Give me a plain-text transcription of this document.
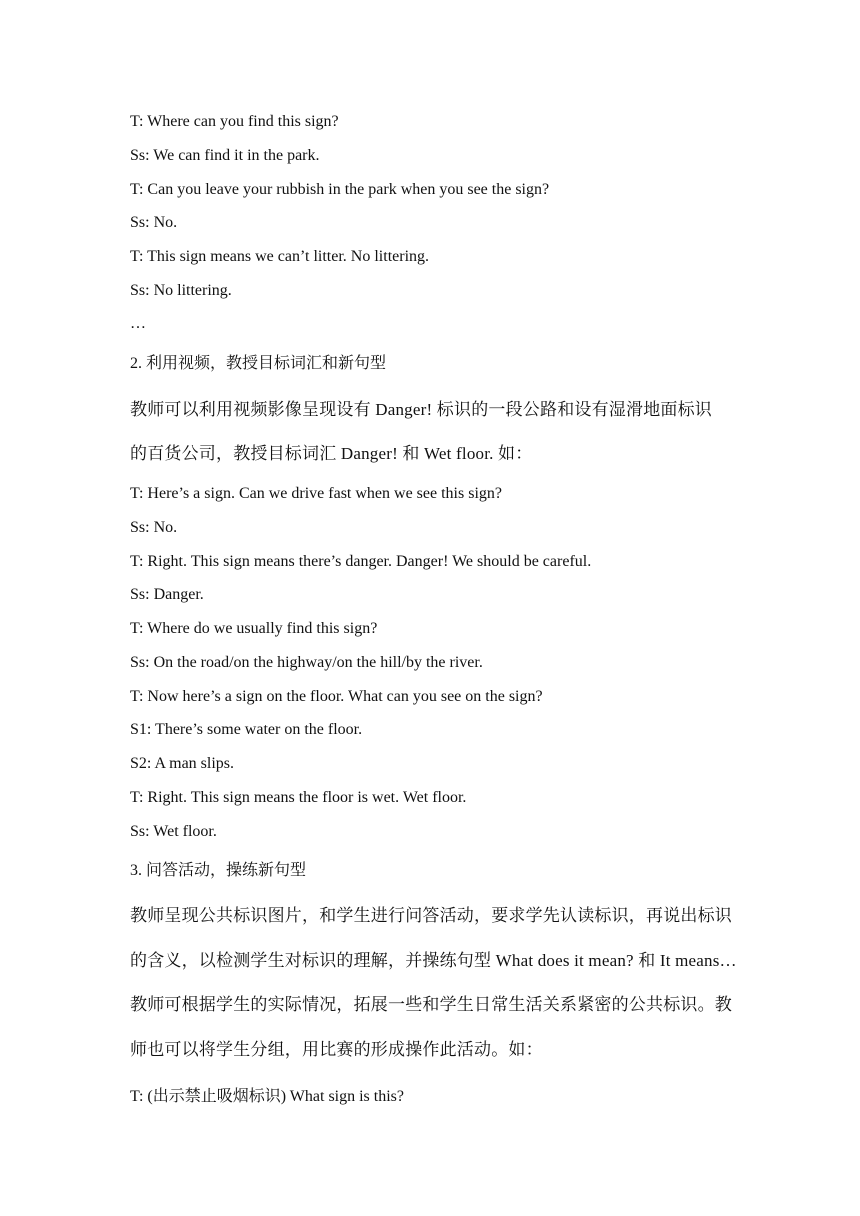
T: Where can you find this sign?
Ss: We can find it in the park.
T: Can you leave your rubbish in the park when you see the sign?
Ss: No.
T: This sign means we can’t litter. No littering.
Ss: No littering.
…
2. 利用视频，教授目标词汇和新句型
教师可以利用视频影像呈现设有 Danger! 标识的一段公路和设有湿滑地面标识
的百货公司，教授目标词汇 Danger! 和 Wet floor. 如：
T: Here’s a sign. Can we drive fast when we see this sign?
Ss: No.
T: Right. This sign means there’s danger. Danger! We should be careful.
Ss: Danger.
T: Where do we usually find this sign?
Ss: On the road/on the highway/on the hill/by the river.
T: Now here’s a sign on the floor. What can you see on the sign?
S1: There’s some water on the floor.
S2: A man slips.
T: Right. This sign means the floor is wet. Wet floor.
Ss: Wet floor.
3. 问答活动，操练新句型
教师呈现公共标识图片，和学生进行问答活动，要求学先认读标识，再说出标识
的含义，以检测学生对标识的理解，并操练句型 What does it mean? 和 It means…
教师可根据学生的实际情况，拓展一些和学生日常生活关系紧密的公共标识。教
师也可以将学生分组，用比赛的形成操作此活动。如：
T: (出示禁止吸烟标识) What sign is this?
